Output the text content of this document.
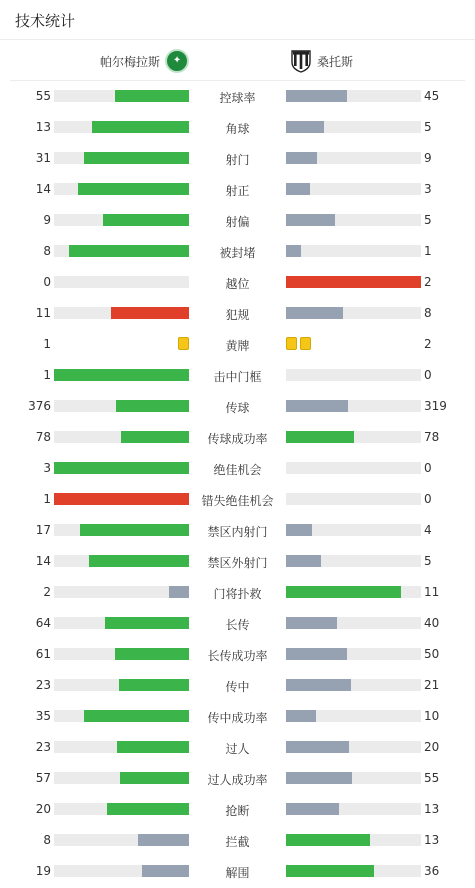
技术统计
帕尔梅拉斯 ✦	桑托斯
55	控球率	45
13	角球	5
31	射门	9
14	射正	3
9	射偏	5
8	被封堵	1
0	越位	2
11	犯规	8
1	黄牌	2
1	击中门框	0
376	传球	319
78	传球成功率	78
3	绝佳机会	0
1	错失绝佳机会	0
17	禁区内射门	4
14	禁区外射门	5
2	门将扑救	11
64	长传	40
61	长传成功率	50
23	传中	21
35	传中成功率	10
23	过人	20
57	过人成功率	55
20	抢断	13
8	拦截	13
19	解围	36
